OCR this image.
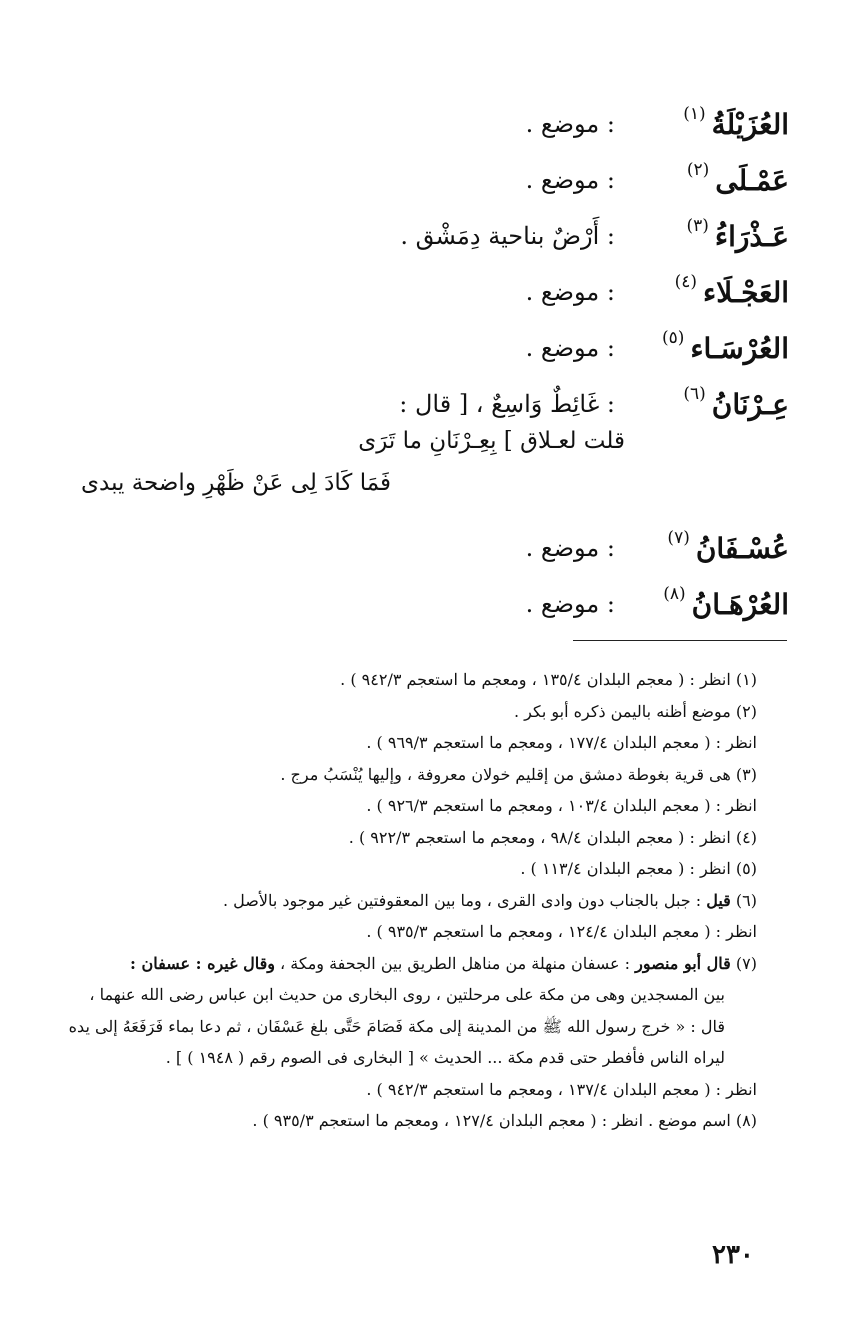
العُزَيْلَةُ
(١)
: موضع .
عَمْـلَى
(٢)
: موضع .
عَـذْرَاءُ
(٣)
: أَرْضٌ بناحية دِمَشْق .
العَجْـلَاء
(٤)
: موضع .
العُرْسَـاء
(٥)
: موضع .
عِـرْنَانُ
(٦)
: غَائِطٌ وَاسِعٌ ، [ قال :
قلت لعـلاق ] بِعِـرْنَانِ ما تَرَى
فَمَا كَادَ لِى عَنْ ظَهْرِ واضحة يبدى
عُسْـفَانُ
(٧)
: موضع .
العُرْهَـانُ
(٨)
: موضع .
(١) انظر : ( معجم البلدان ١٣٥/٤ ، ومعجم ما استعجم ٩٤٢/٣ ) .
(٢) موضع أظنه باليمن ذكره أبو بكر .
انظر : ( معجم البلدان ١٧٧/٤ ، ومعجم ما استعجم ٩٦٩/٣ ) .
(٣) هى قرية بغوطة دمشق من إقليم خولان معروفة ، وإليها يُنْسَبُ مرج .
انظر : ( معجم البلدان ١٠٣/٤ ، ومعجم ما استعجم ٩٢٦/٣ ) .
(٤) انظر : ( معجم البلدان ٩٨/٤ ، ومعجم ما استعجم ٩٢٢/٣ ) .
(٥) انظر : ( معجم البلدان ١١٣/٤ ) .
(٦) قيل : جبل بالجناب دون وادى القرى ، وما بين المعقوفتين غير موجود بالأصل .
انظر : ( معجم البلدان ١٢٤/٤ ، ومعجم ما استعجم ٩٣٥/٣ ) .
(٧) قال أبو منصور : عسفان منهلة من مناهل الطريق بين الجحفة ومكة ، وقال غيره : عسفان :
بين المسجدين وهى من مكة على مرحلتين ، روى البخارى من حديث ابن عباس رضى الله عنهما ،
قال : « خرج رسول الله ﷺ من المدينة إلى مكة فَصَامَ حَتَّى بلغ عَسْفَان ، ثم دعا بماء فَرَفَعَهُ إلى يده
ليراه الناس فأفطر حتى قدم مكة ... الحديث » [ البخارى فى الصوم رقم ( ١٩٤٨ ) ] .
انظر : ( معجم البلدان ١٣٧/٤ ، ومعجم ما استعجم ٩٤٢/٣ ) .
(٨) اسم موضع . انظر : ( معجم البلدان ١٢٧/٤ ، ومعجم ما استعجم ٩٣٥/٣ ) .
٢٣٠
